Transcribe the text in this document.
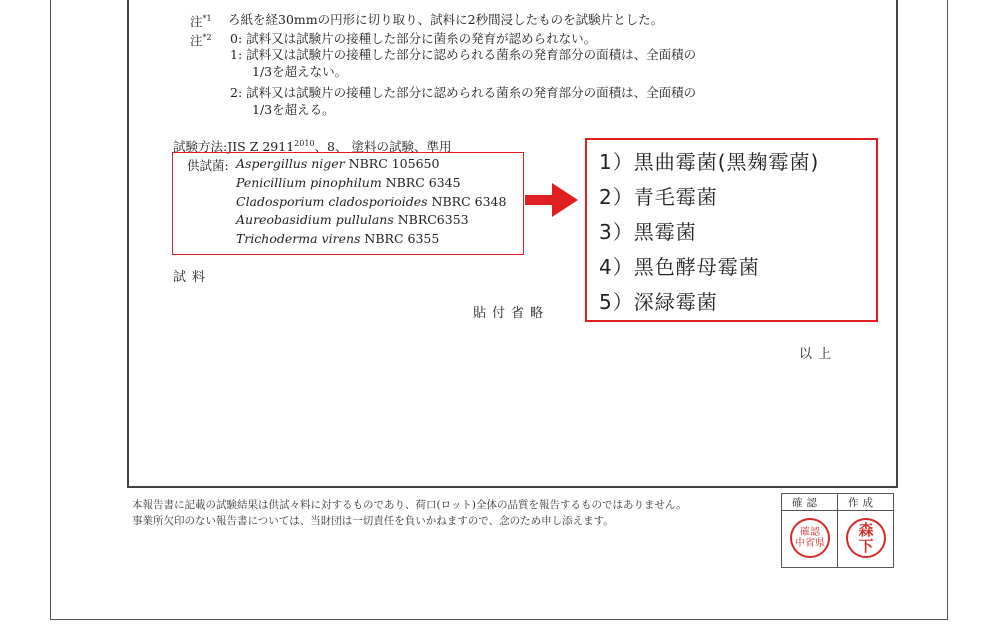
注$^{*1}$ ろ紙を経30mmの円形に切り取り、試料に2秒間浸したものを試験片とした。
注$^{*2}$ 0: 試料又は試験片の接種した部分に菌糸の発育が認められない。
1: 試料又は試験片の接種した部分に認められる菌糸の発育部分の面積は、全面積の
1/3を超えない。
2: 試料又は試験片の接種した部分に認められる菌糸の発育部分の面積は、全面積の
1/3を超える。
試験方法:JIS Z $2911^{2010}$、8、 塗料の試験、準用
供試菌: Aspergillus niger NBRC 105650
Penicillium pinophilum NBRC 6345
Cladosporium cladosporioides NBRC 6348
Aureobasidium pullulans NBRC6353
Trichoderma virens NBRC 6355
1）黒曲霉菌(黑麹霉菌)
2）青毛霉菌
3）黑霉菌
4）黑色酵母霉菌
5）深緑霉菌
試料
貼付省略
以上
本報告書に記載の試験結果は供試々料に対するものであり、荷口(ロット)全体の品質を報告するものではありません。
事業所欠印のない報告書については、当財団は一切責任を負いかねますので、念のため申し添えます。
確認	作成
確認
中省県
森
下
